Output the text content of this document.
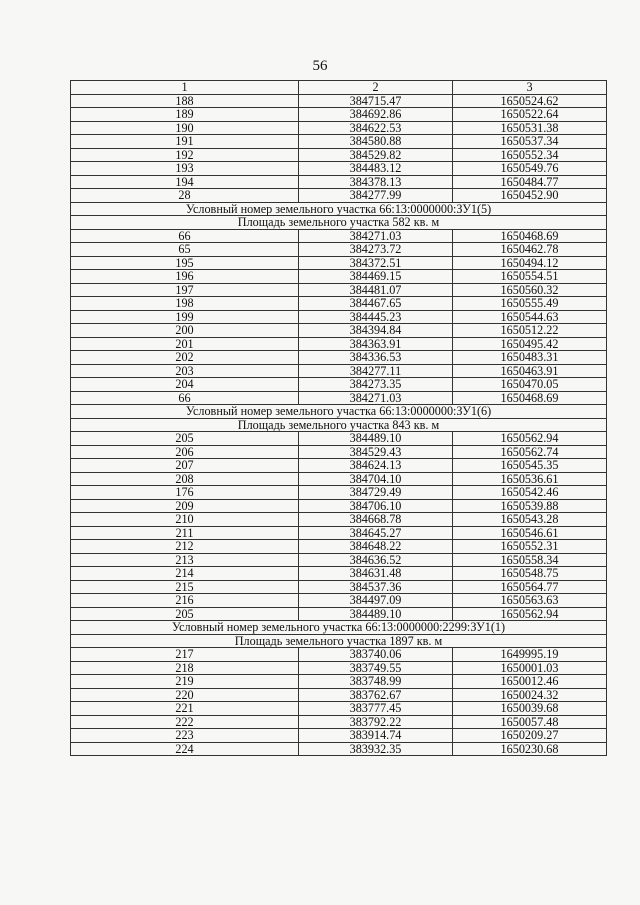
56
1	2	3
188	384715.47	1650524.62
189	384692.86	1650522.64
190	384622.53	1650531.38
191	384580.88	1650537.34
192	384529.82	1650552.34
193	384483.12	1650549.76
194	384378.13	1650484.77
28	384277.99	1650452.90
Условный номер земельного участка 66:13:0000000:ЗУ1(5)		
Площадь земельного участка 582 кв. м		
66	384271.03	1650468.69
65	384273.72	1650462.78
195	384372.51	1650494.12
196	384469.15	1650554.51
197	384481.07	1650560.32
198	384467.65	1650555.49
199	384445.23	1650544.63
200	384394.84	1650512.22
201	384363.91	1650495.42
202	384336.53	1650483.31
203	384277.11	1650463.91
204	384273.35	1650470.05
66	384271.03	1650468.69
Условный номер земельного участка 66:13:0000000:ЗУ1(6)		
Площадь земельного участка 843 кв. м		
205	384489.10	1650562.94
206	384529.43	1650562.74
207	384624.13	1650545.35
208	384704.10	1650536.61
176	384729.49	1650542.46
209	384706.10	1650539.88
210	384668.78	1650543.28
211	384645.27	1650546.61
212	384648.22	1650552.31
213	384636.52	1650558.34
214	384631.48	1650548.75
215	384537.36	1650564.77
216	384497.09	1650563.63
205	384489.10	1650562.94
Условный номер земельного участка 66:13:0000000:2299:ЗУ1(1)		
Площадь земельного участка 1897 кв. м		
217	383740.06	1649995.19
218	383749.55	1650001.03
219	383748.99	1650012.46
220	383762.67	1650024.32
221	383777.45	1650039.68
222	383792.22	1650057.48
223	383914.74	1650209.27
224	383932.35	1650230.68
